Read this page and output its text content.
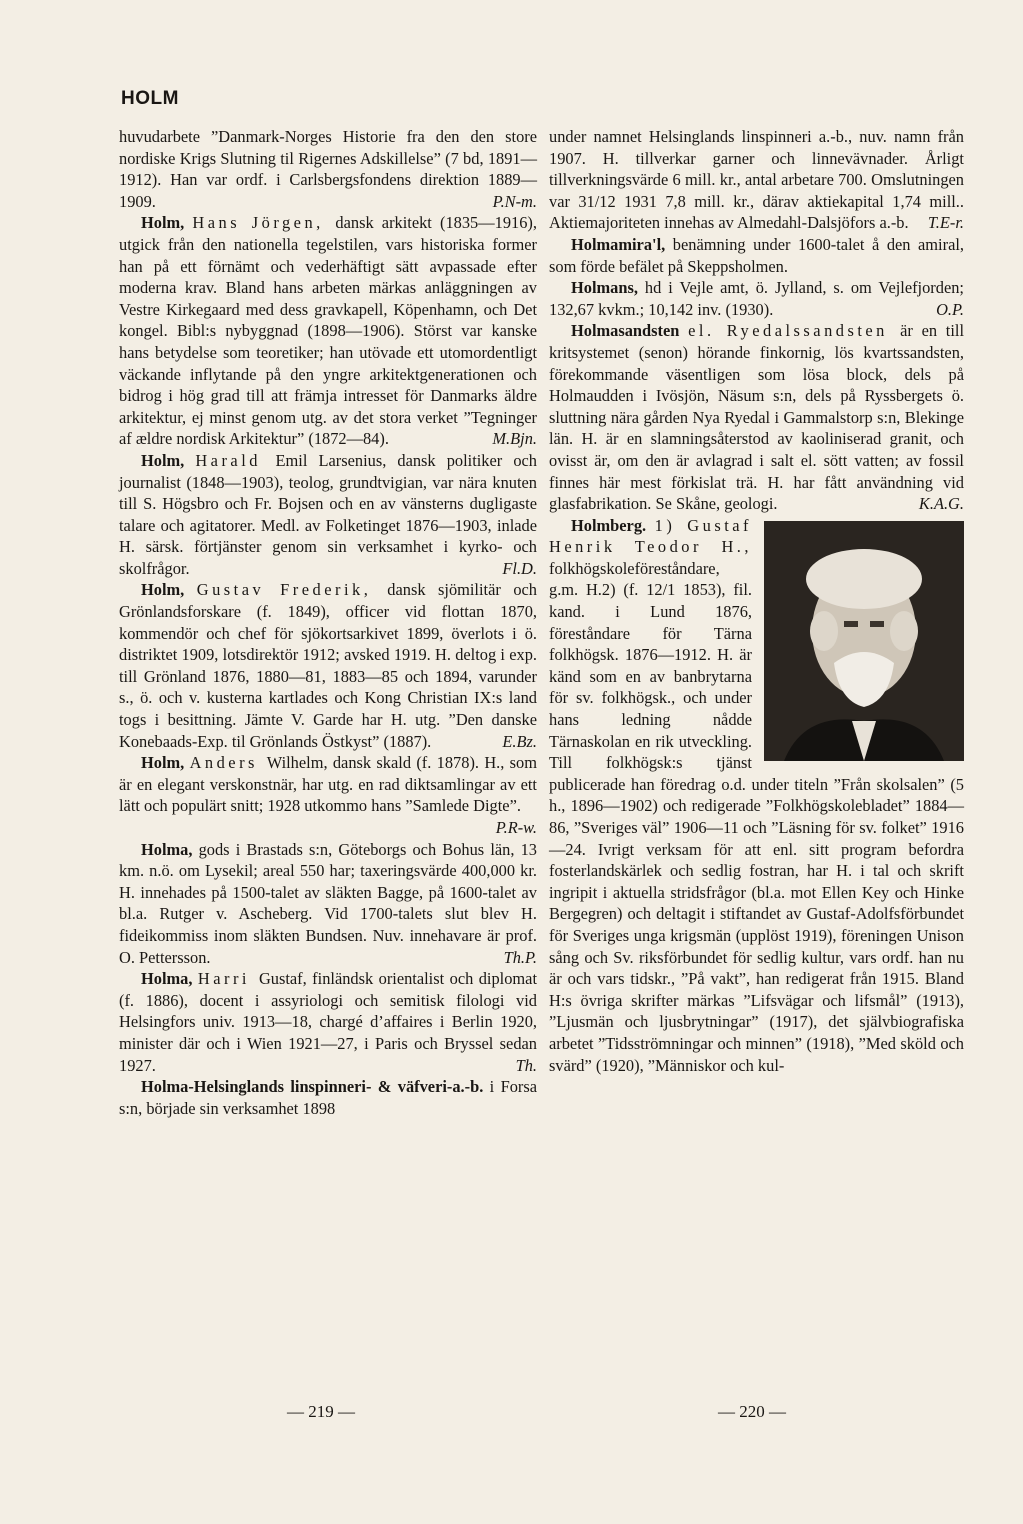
HOLM

huvudarbete ”Danmark-Norges Historie fra den den store nordiske Krigs Slutning til Rigernes Adskillelse” (7 bd, 1891—1912). Han var ordf. i Carlsbergsfondens direktion 1889—1909.	P.N-m.

Holm, Hans Jörgen, dansk arkitekt (1835—1916), utgick från den nationella tegelstilen, vars historiska former han på ett förnämt och vederhäftigt sätt avpassade efter moderna krav. Bland hans arbeten märkas anläggningen av Vestre Kirkegaard med dess gravkapell, Köpenhamn, och Det kongel. Bibl:s nybyggnad (1898—1906). Störst var kanske hans betydelse som teoretiker; han utövade ett utomordentligt väckande inflytande på den yngre arkitektgenerationen och bidrog i hög grad till att främja intresset för Danmarks äldre arkitektur, ej minst genom utg. av det stora verket ”Tegninger af ældre nordisk Arkitektur” (1872—84).	M.Bjn.

Holm, Harald Emil Larsenius, dansk politiker och journalist (1848—1903), teolog, grundtvigian, var nära knuten till S. Högsbro och Fr. Bojsen och en av vänsterns dugligaste talare och agitatorer. Medl. av Folketinget 1876—1903, inlade H. särsk. förtjänster genom sin verksamhet i kyrko- och skolfrågor.	Fl.D.

Holm, Gustav Frederik, dansk sjömilitär och Grönlandsforskare (f. 1849), officer vid flottan 1870, kommendör och chef för sjökortsarkivet 1899, överlots i ö. distriktet 1909, lotsdirektör 1912; avsked 1919. H. deltog i exp. till Grönland 1876, 1880—81, 1883—85 och 1894, varunder s., ö. och v. kusterna kartlades och Kong Christian IX:s land togs i besittning. Jämte V. Garde har H. utg. ”Den danske Konebaads-Exp. til Grönlands Östkyst” (1887).	E.Bz.

Holm, Anders Wilhelm, dansk skald (f. 1878). H., som är en elegant verskonstnär, har utg. en rad diktsamlingar av ett lätt och populärt snitt; 1928 utkommo hans ”Samlede Digte”.
P.R-w.

Holma, gods i Brastads s:n, Göteborgs och Bohus län, 13 km. n.ö. om Lysekil; areal 550 har; taxeringsvärde 400,000 kr. H. innehades på 1500-talet av släkten Bagge, på 1600-talet av bl.a. Rutger v. Ascheberg. Vid 1700-talets slut blev H. fideikommiss inom släkten Bundsen. Nuv. innehavare är prof. O. Pettersson.	Th.P.

Holma, Harri Gustaf, finländsk orientalist och diplomat (f. 1886), docent i assyriologi och semitisk filologi vid Helsingfors univ. 1913—18, chargé d’affaires i Berlin 1920, minister där och i Wien 1921—27, i Paris och Bryssel sedan 1927.	Th.

Holma-Helsinglands linspinneri- & väfveri-a.-b. i Forsa s:n, började sin verksamhet 1898

under namnet Helsinglands linspinneri a.-b., nuv. namn från 1907. H. tillverkar garner och linnevävnader. Årligt tillverkningsvärde 6 mill. kr., antal arbetare 700. Omslutningen var 31/12 1931 7,8 mill. kr., därav aktiekapital 1,74 mill.. Aktiemajoriteten innehas av Almedahl-Dalsjöfors a.-b. T.E-r.

Holmamira'l, benämning under 1600-talet å den amiral, som förde befälet på Skeppsholmen.

Holmans, hd i Vejle amt, ö. Jylland, s. om Vejlefjorden; 132,67 kvkm.; 10,142 inv. (1930).	O.P.

Holmasandsten el. Ryedalssandsten är en till kritsystemet (senon) hörande finkornig, lös kvartssandsten, förekommande väsentligen som lösa block, dels på Holmaudden i Ivösjön, Näsum s:n, dels på Ryssbergets ö. sluttning nära gården Nya Ryedal i Gammalstorp s:n, Blekinge län. H. är en slamningsåterstod av kaoliniserad granit, och ovisst är, om den är avlagrad i salt el. sött vatten; av fossil finnes här mest förkislat trä. H. har fått användning vid glasfabrikation. Se Skåne, geologi.	K.A.G.

Holmberg. 1) Gustaf Henrik Teodor H., folkhögskoleföreståndare, g.m. H.2) (f. 12/1 1853), fil. kand. i Lund 1876, föreståndare för Tärna folkhögsk. 1876—1912. H. är känd som en av banbrytarna för sv. folkhögsk., och under hans ledning nådde Tärnaskolan en rik utveckling. Till folkhögsk:s tjänst publicerade han föredrag o.d. under titeln ”Från skolsalen” (5 h., 1896—1902) och redigerade ”Folkhögskolebladet” 1884—86, ”Sveriges väl” 1906—11 och ”Läsning för sv. folket” 1916—24. Ivrigt verksam för att enl. sitt program befordra fosterlandskärlek och sedlig fostran, har H. i tal och skrift ingripit i aktuella stridsfrågor (bl.a. mot Ellen Key och Hinke Bergegren) och deltagit i stiftandet av Gustaf-Adolfsförbundet för Sveriges unga krigsmän (upplöst 1919), föreningen Unison sång och Sv. riksförbundet för sedlig kultur, vars ordf. han nu är och vars tidskr., ”På vakt”, han redigerat från 1915. Bland H:s övriga skrifter märkas ”Lifsvägar och lifsmål” (1913), ”Ljusmän och ljusbrytningar” (1917), det självbiografiska arbetet ”Tidsströmningar och minnen” (1918), ”Med sköld och svärd” (1920), ”Människor och kul-

— 219 —	— 220 —
